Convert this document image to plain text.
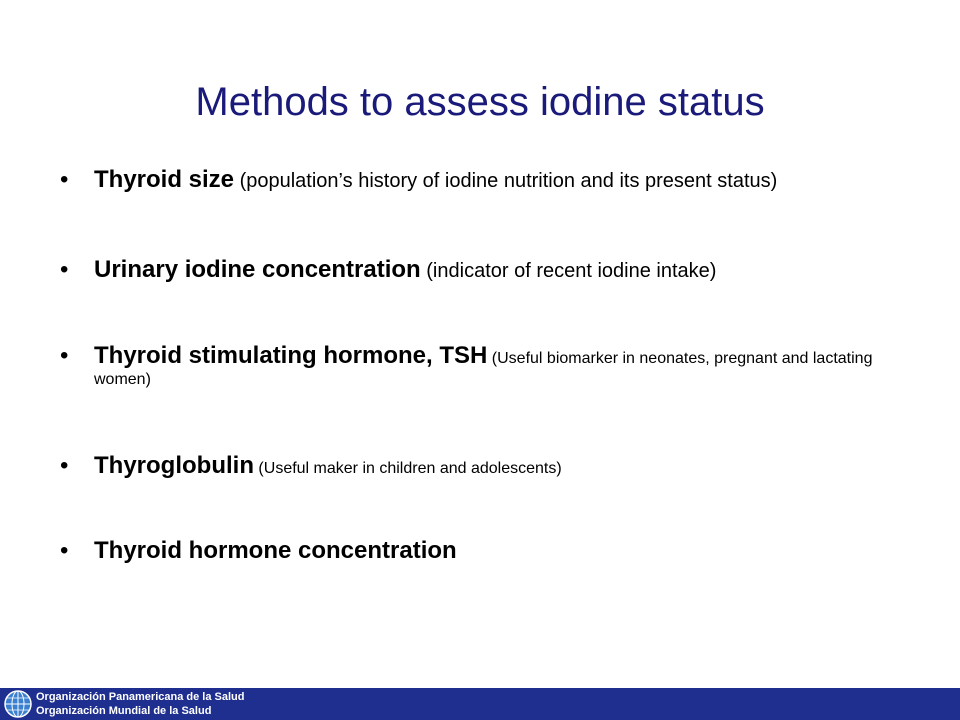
Methods to assess iodine status
• Thyroid size (population’s history of iodine nutrition and its present status)
• Urinary iodine concentration (indicator of recent iodine intake)
• Thyroid stimulating hormone, TSH (Useful biomarker in neonates, pregnant and lactating women)
• Thyroglobulin (Useful maker in children and adolescents)
• Thyroid hormone concentration
Organización Panamericana de la Salud
Organización Mundial de la Salud
